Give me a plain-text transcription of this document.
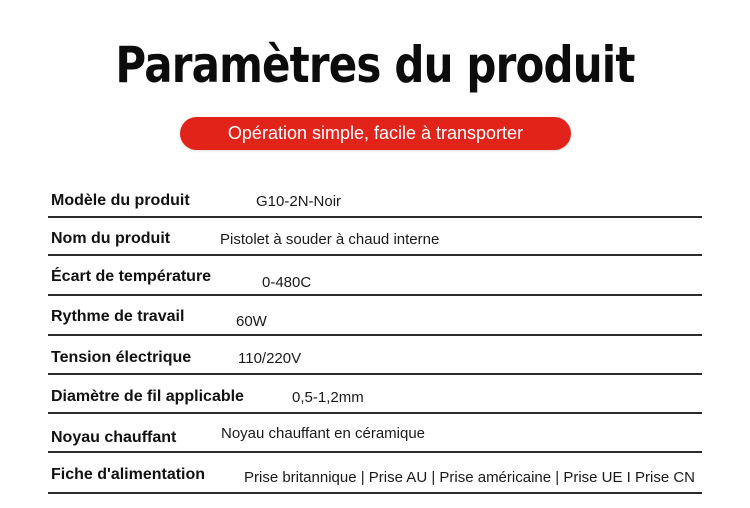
Paramètres du produit
Opération simple, facile à transporter
Modèle du produit	G10-2N-Noir
Nom du produit	Pistolet à souder à chaud interne
Écart de température	0-480C
Rythme de travail	60W
Tension électrique	110/220V
Diamètre de fil applicable	0,5-1,2mm
Noyau chauffant	Noyau chauffant en céramique
Fiche d'alimentation	Prise britannique | Prise AU | Prise américaine | Prise UE I Prise CN
